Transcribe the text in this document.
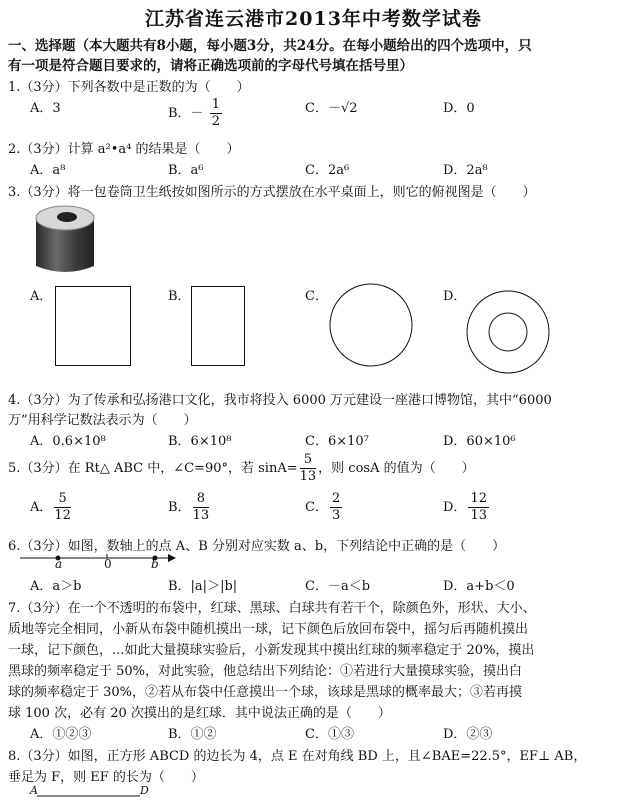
江苏省连云港市2013年中考数学试卷
一、选择题（本大题共有8小题，每小题3分，共24分。在每小题给出的四个选项中，只
有一项是符合题目要求的，请将正确选项前的字母代号填在括号里）
1.（3分）下列各数中是正数的为（　　）
A．3	B．－ $\frac{1}{2}$	C．－√2	D．0
2.（3分）计算 a²•a⁴ 的结果是（　　）
A．a⁸	B．a⁶	C．2a⁶	D．2a⁸
3.（3分）将一包卷筒卫生纸按如图所示的方式摆放在水平桌面上，则它的俯视图是（　　）
A．	B．	C．	D．
4.（3分）为了传承和弘扬港口文化，我市将投入 6000 万元建设一座港口博物馆，其中“6000
万”用科学记数法表示为（　　）
A．0.6×10⁸	B．6×10⁸	C．6×10⁷	D．60×10⁶
5.（3分）在 Rt△ ABC 中，∠C=90°，若 $\sin A= \frac{5}{13}$ ，则 cosA 的值为（　　）
A． $\frac{5}{12}$	B． $\frac{8}{13}$	C． $\frac{2}{3}$	D． $\frac{12}{13}$
6.（3分）如图，数轴上的点 A、B 分别对应实数 a、b，下列结论中正确的是（　　）
a	0	b
A．a＞b	B．|a|＞|b|	C．－a＜b	D．a+b＜0
7.（3分）在一个不透明的布袋中，红球、黑球、白球共有若干个，除颜色外，形状、大小、
质地等完全相同，小新从布袋中随机摸出一球，记下颜色后放回布袋中，摇匀后再随机摸出
一球，记下颜色，...如此大量摸球实验后，小新发现其中摸出红球的频率稳定于 20%，摸出
黑球的频率稳定于 50%，对此实验，他总结出下列结论：①若进行大量摸球实验，摸出白
球的频率稳定于 30%，②若从布袋中任意摸出一个球，该球是黑球的概率最大；③若再摸
球 100 次，必有 20 次摸出的是红球．其中说法正确的是（　　）
A．①②③	B．①②	C．①③	D．②③
8.（3分）如图，正方形 ABCD 的边长为 4，点 E 在对角线 BD 上，且∠BAE=22.5°，EF⊥ AB，
垂足为 F，则 EF 的长为（　　）
A	D
